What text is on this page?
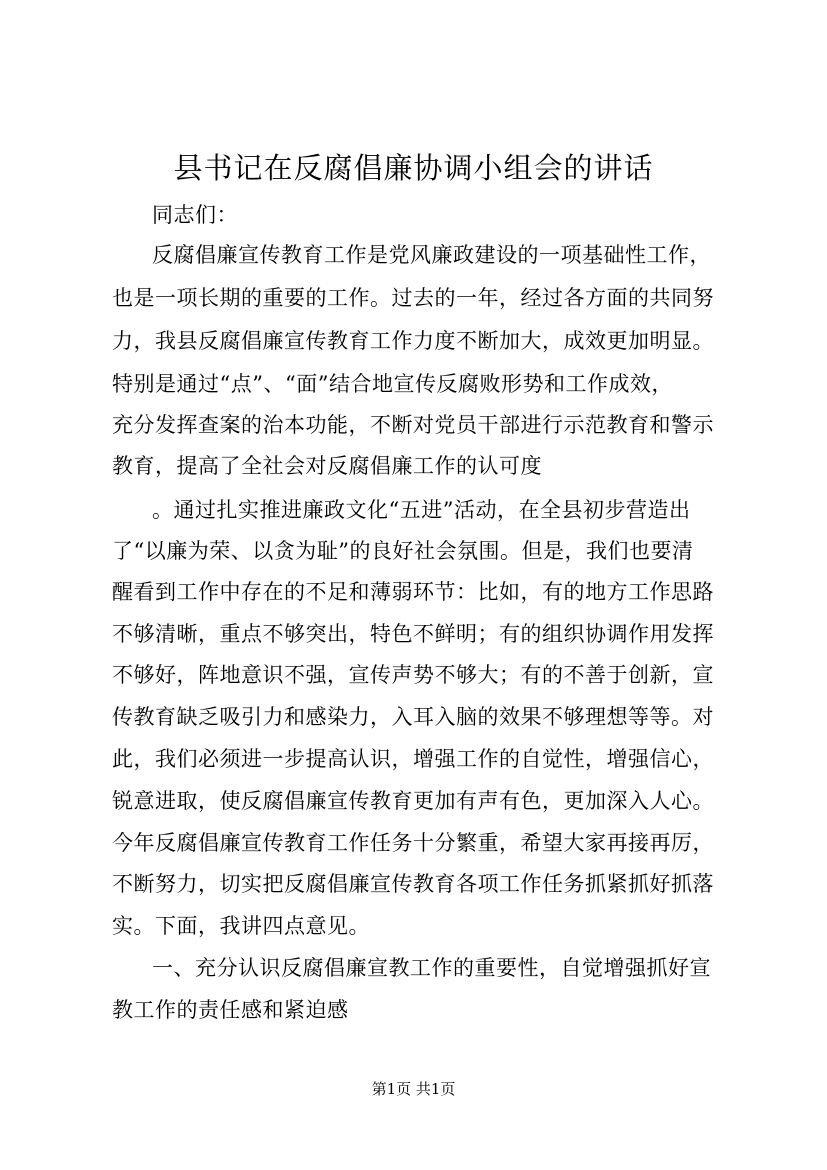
县书记在反腐倡廉协调小组会的讲话
同志们：
反腐倡廉宣传教育工作是党风廉政建设的一项基础性工作，
也是一项长期的重要的工作。过去的一年，经过各方面的共同努
力，我县反腐倡廉宣传教育工作力度不断加大，成效更加明显。
特别是通过“点”、“面”结合地宣传反腐败形势和工作成效，
充分发挥查案的治本功能，不断对党员干部进行示范教育和警示
教育，提高了全社会对反腐倡廉工作的认可度
。通过扎实推进廉政文化“五进”活动，在全县初步营造出
了“以廉为荣、以贪为耻”的良好社会氛围。但是，我们也要清
醒看到工作中存在的不足和薄弱环节：比如，有的地方工作思路
不够清晰，重点不够突出，特色不鲜明；有的组织协调作用发挥
不够好，阵地意识不强，宣传声势不够大；有的不善于创新，宣
传教育缺乏吸引力和感染力，入耳入脑的效果不够理想等等。对
此，我们必须进一步提高认识，增强工作的自觉性，增强信心，
锐意进取，使反腐倡廉宣传教育更加有声有色，更加深入人心。
今年反腐倡廉宣传教育工作任务十分繁重，希望大家再接再厉，
不断努力，切实把反腐倡廉宣传教育各项工作任务抓紧抓好抓落
实。下面，我讲四点意见。
一、充分认识反腐倡廉宣教工作的重要性，自觉增强抓好宣
教工作的责任感和紧迫感
第1页 共1页
